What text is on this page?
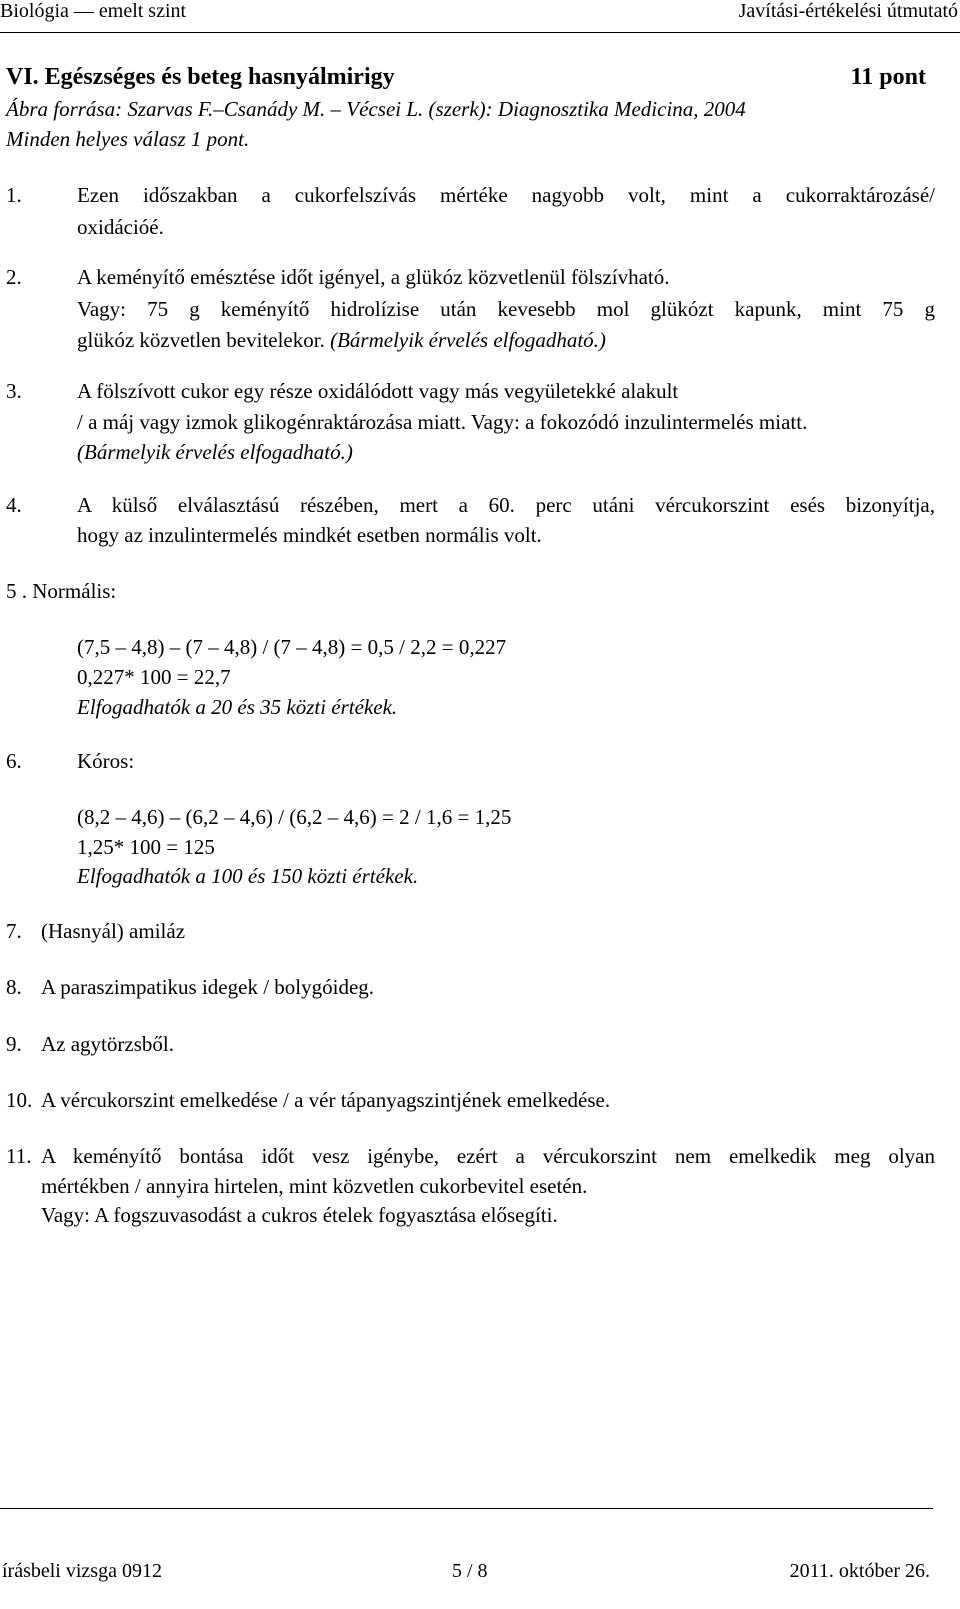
Biológia — emelt szint	Javítási-értékelési útmutató
VI. Egészséges és beteg hasnyálmirigy	11 pont
Ábra forrása: Szarvas F.–Csanády M. – Vécsei L. (szerk): Diagnosztika Medicina, 2004
Minden helyes válasz 1 pont.
1.	Ezen időszakban a cukorfelszívás mértéke nagyobb volt, mint a cukorraktározásé/
oxidációé.
2.	A keményítő emésztése időt igényel, a glükóz közvetlenül fölszívható.
Vagy: 75 g keményítő hidrolízise után kevesebb mol glükózt kapunk, mint 75 g
glükóz közvetlen bevitelekor. (Bármelyik érvelés elfogadható.)
3.	A fölszívott cukor egy része oxidálódott vagy más vegyületekké alakult
/ a máj vagy izmok glikogénraktározása miatt. Vagy: a fokozódó inzulintermelés miatt.
(Bármelyik érvelés elfogadható.)
4.	A külső elválasztású részében, mert a 60. perc utáni vércukorszint esés bizonyítja,
hogy az inzulintermelés mindkét esetben normális volt.
5 . Normális:
(7,5 – 4,8) – (7 – 4,8) / (7 – 4,8) = 0,5 / 2,2 = 0,227
0,227* 100 = 22,7
Elfogadhatók a 20 és 35 közti értékek.
6.	Kóros:
(8,2 – 4,6) – (6,2 – 4,6) / (6,2 – 4,6) = 2 / 1,6 = 1,25
1,25* 100 = 125
Elfogadhatók a 100 és 150 közti értékek.
7. (Hasnyál) amiláz
8. A paraszimpatikus idegek / bolygóideg.
9. Az agytörzsből.
10. A vércukorszint emelkedése / a vér tápanyagszintjének emelkedése.
11. A keményítő bontása időt vesz igénybe, ezért a vércukorszint nem emelkedik meg olyan
mértékben / annyira hirtelen, mint közvetlen cukorbevitel esetén.
Vagy: A fogszuvasodást a cukros ételek fogyasztása elősegíti.
írásbeli vizsga 0912	5 / 8	2011. október 26.
